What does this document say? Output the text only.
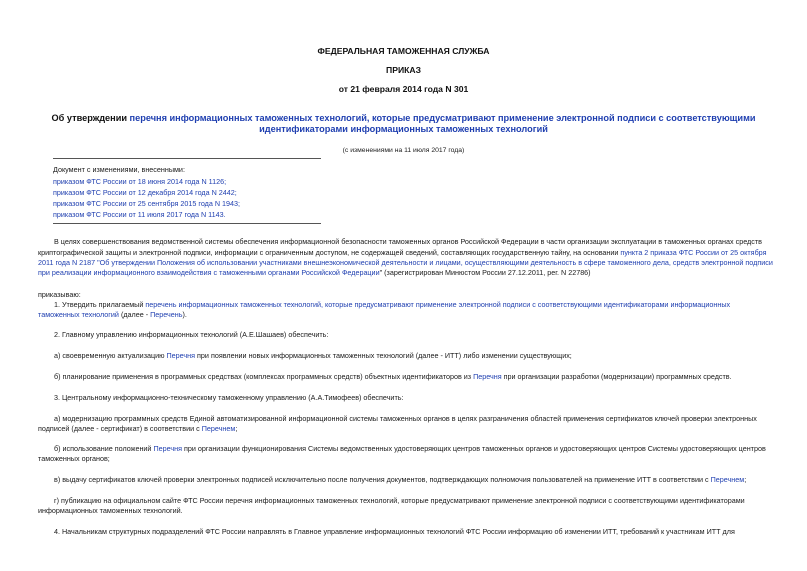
ФЕДЕРАЛЬНАЯ ТАМОЖЕННАЯ СЛУЖБА
ПРИКАЗ
от 21 февраля 2014 года N 301
Об утверждении перечня информационных таможенных технологий, которые предусматривают применение электронной подписи с соответствующими
идентификаторами информационных таможенных технологий
(с изменениями на 11 июля 2017 года)
Документ с изменениями, внесенными:
приказом ФТС России от 18 июня 2014 года N 1126;
приказом ФТС России от 12 декабря 2014 года N 2442;
приказом ФТС России от 25 сентября 2015 года N 1943;
приказом ФТС России от 11 июля 2017 года N 1143.
В целях совершенствования ведомственной системы обеспечения информационной безопасности таможенных органов Российской Федерации в части организации эксплуатации в таможенных органах средств
криптографической защиты и электронной подписи, информации с ограниченным доступом, не содержащей сведений, составляющих государственную тайну, на основании пункта 2 приказа ФТС России от 25 октября
2011 года N 2187 "Об утверждении Положения об использовании участниками внешнеэкономической деятельности и лицами, осуществляющими деятельность в сфере таможенного дела, средств электронной подписи
при реализации информационного взаимодействия с таможенными органами Российской Федерации" (зарегистрирован Минюстом России 27.12.2011, рег. N 22786)
приказываю:
1. Утвердить прилагаемый перечень информационных таможенных технологий, которые предусматривают применение электронной подписи с соответствующими идентификаторами информационных
таможенных технологий (далее - Перечень).
2. Главному управлению информационных технологий (А.Е.Шашаев) обеспечить:
а) своевременную актуализацию Перечня при появлении новых информационных таможенных технологий (далее - ИТТ) либо изменении существующих;
б) планирование применения в программных средствах (комплексах программных средств) объектных идентификаторов из Перечня при организации разработки (модернизации) программных средств.
3. Центральному информационно-техническому таможенному управлению (А.А.Тимофеев) обеспечить:
а) модернизацию программных средств Единой автоматизированной информационной системы таможенных органов в целях разграничения областей применения сертификатов ключей проверки электронных
подписей (далее - сертификат) в соответствии с Перечнем;
б) использование положений Перечня при организации функционирования Системы ведомственных удостоверяющих центров таможенных органов и удостоверяющих центров Системы удостоверяющих центров
таможенных органов;
в) выдачу сертификатов ключей проверки электронных подписей исключительно после получения документов, подтверждающих полномочия пользователей на применение ИТТ в соответствии с Перечнем;
г) публикацию на официальном сайте ФТС России перечня информационных таможенных технологий, которые предусматривают применение электронной подписи с соответствующими идентификаторами
информационных таможенных технологий.
4. Начальникам структурных подразделений ФТС России направлять в Главное управление информационных технологий ФТС России информацию об изменении ИТТ, требований к участникам ИТТ для
